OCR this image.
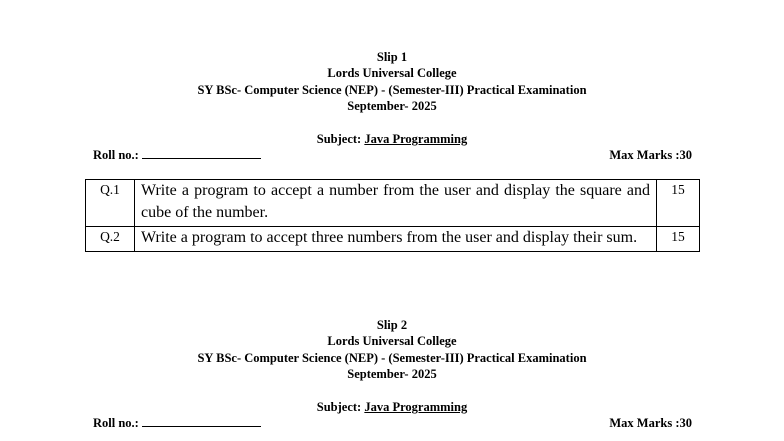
Slip 1
Lords Universal College
SY BSc- Computer Science (NEP) - (Semester-III) Practical Examination
September- 2025
Subject: Java Programming
Roll no.:	Max Marks :30
Q.1	Write a program to accept a number from the user and display the square and cube of the number.	15
Q.2	Write a program to accept three numbers from the user and display their sum.	15
Slip 2
Lords Universal College
SY BSc- Computer Science (NEP) - (Semester-III) Practical Examination
September- 2025
Subject: Java Programming
Roll no.:	Max Marks :30
